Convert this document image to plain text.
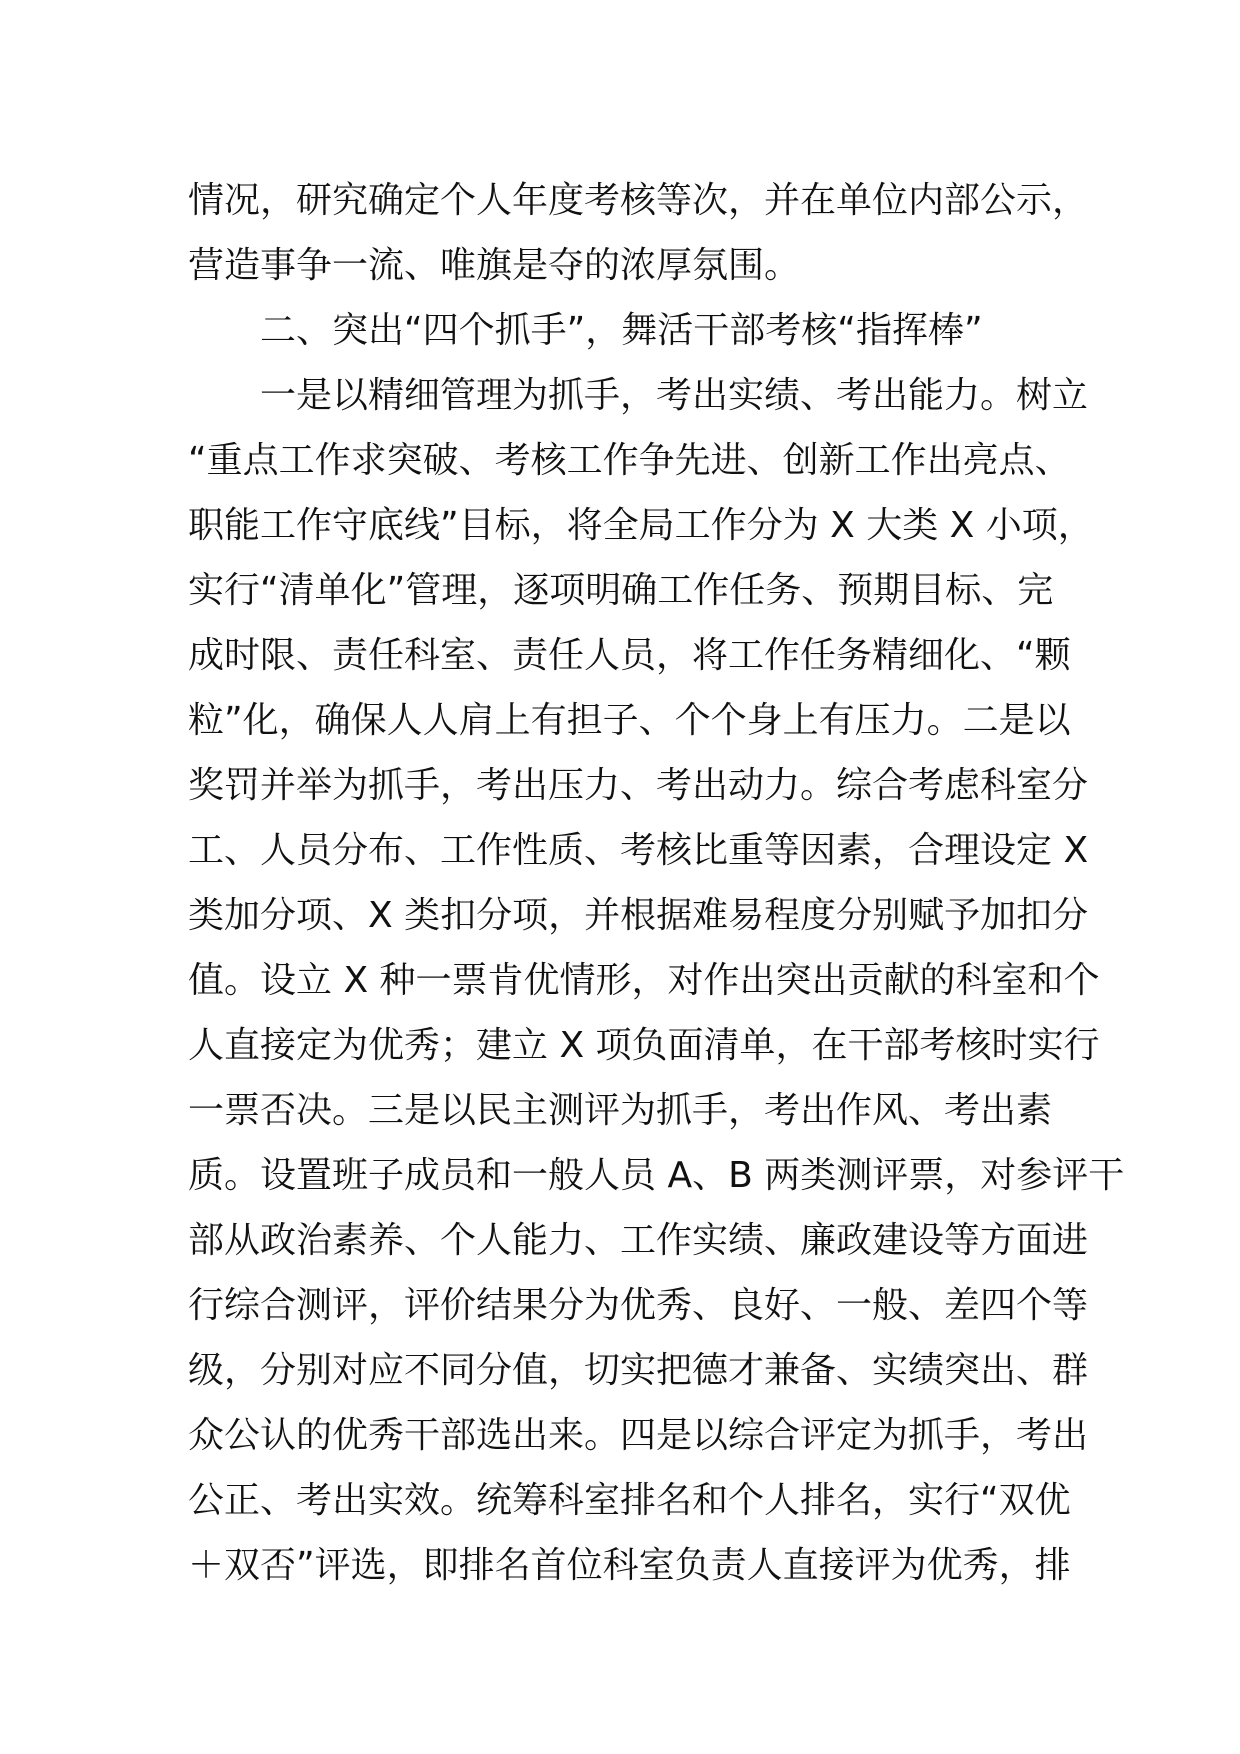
情况，研究确定个人年度考核等次，并在单位内部公示，
营造事争一流、唯旗是夺的浓厚氛围。
二、突出“四个抓手”，舞活干部考核“指挥棒”
一是以精细管理为抓手，考出实绩、考出能力。树立
“重点工作求突破、考核工作争先进、创新工作出亮点、
职能工作守底线”目标，将全局工作分为 X 大类 X 小项，
实行“清单化”管理，逐项明确工作任务、预期目标、完
成时限、责任科室、责任人员，将工作任务精细化、“颗
粒”化，确保人人肩上有担子、个个身上有压力。二是以
奖罚并举为抓手，考出压力、考出动力。综合考虑科室分
工、人员分布、工作性质、考核比重等因素，合理设定 X
类加分项、X 类扣分项，并根据难易程度分别赋予加扣分
值。设立 X 种一票肯优情形，对作出突出贡献的科室和个
人直接定为优秀；建立 X 项负面清单，在干部考核时实行
一票否决。三是以民主测评为抓手，考出作风、考出素
质。设置班子成员和一般人员 A、B 两类测评票，对参评干
部从政治素养、个人能力、工作实绩、廉政建设等方面进
行综合测评，评价结果分为优秀、良好、一般、差四个等
级，分别对应不同分值，切实把德才兼备、实绩突出、群
众公认的优秀干部选出来。四是以综合评定为抓手，考出
公正、考出实效。统筹科室排名和个人排名，实行“双优
＋双否”评选，即排名首位科室负责人直接评为优秀，排
